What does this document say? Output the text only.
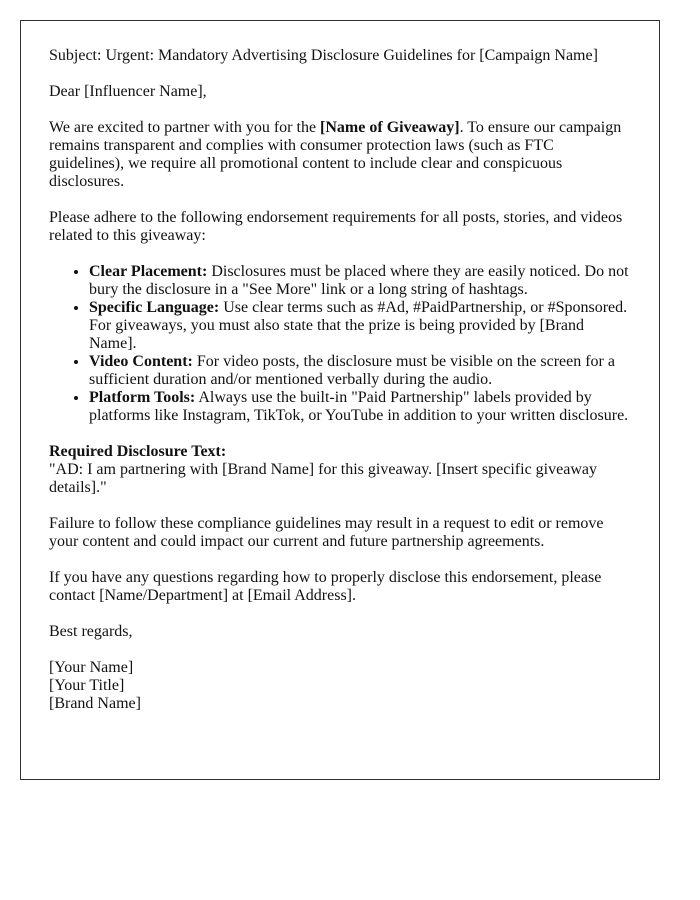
Subject: Urgent: Mandatory Advertising Disclosure Guidelines for [Campaign Name]

Dear [Influencer Name],

We are excited to partner with you for the [Name of Giveaway]. To ensure our campaign remains transparent and complies with consumer protection laws (such as FTC guidelines), we require all promotional content to include clear and conspicuous disclosures.

Please adhere to the following endorsement requirements for all posts, stories, and videos related to this giveaway:

• Clear Placement: Disclosures must be placed where they are easily noticed. Do not bury the disclosure in a "See More" link or a long string of hashtags.
• Specific Language: Use clear terms such as #Ad, #PaidPartnership, or #Sponsored. For giveaways, you must also state that the prize is being provided by [Brand Name].
• Video Content: For video posts, the disclosure must be visible on the screen for a sufficient duration and/or mentioned verbally during the audio.
• Platform Tools: Always use the built-in "Paid Partnership" labels provided by platforms like Instagram, TikTok, or YouTube in addition to your written disclosure.

Required Disclosure Text:
"AD: I am partnering with [Brand Name] for this giveaway. [Insert specific giveaway details]."

Failure to follow these compliance guidelines may result in a request to edit or remove your content and could impact our current and future partnership agreements.

If you have any questions regarding how to properly disclose this endorsement, please contact [Name/Department] at [Email Address].

Best regards,

[Your Name]
[Your Title]
[Brand Name]
